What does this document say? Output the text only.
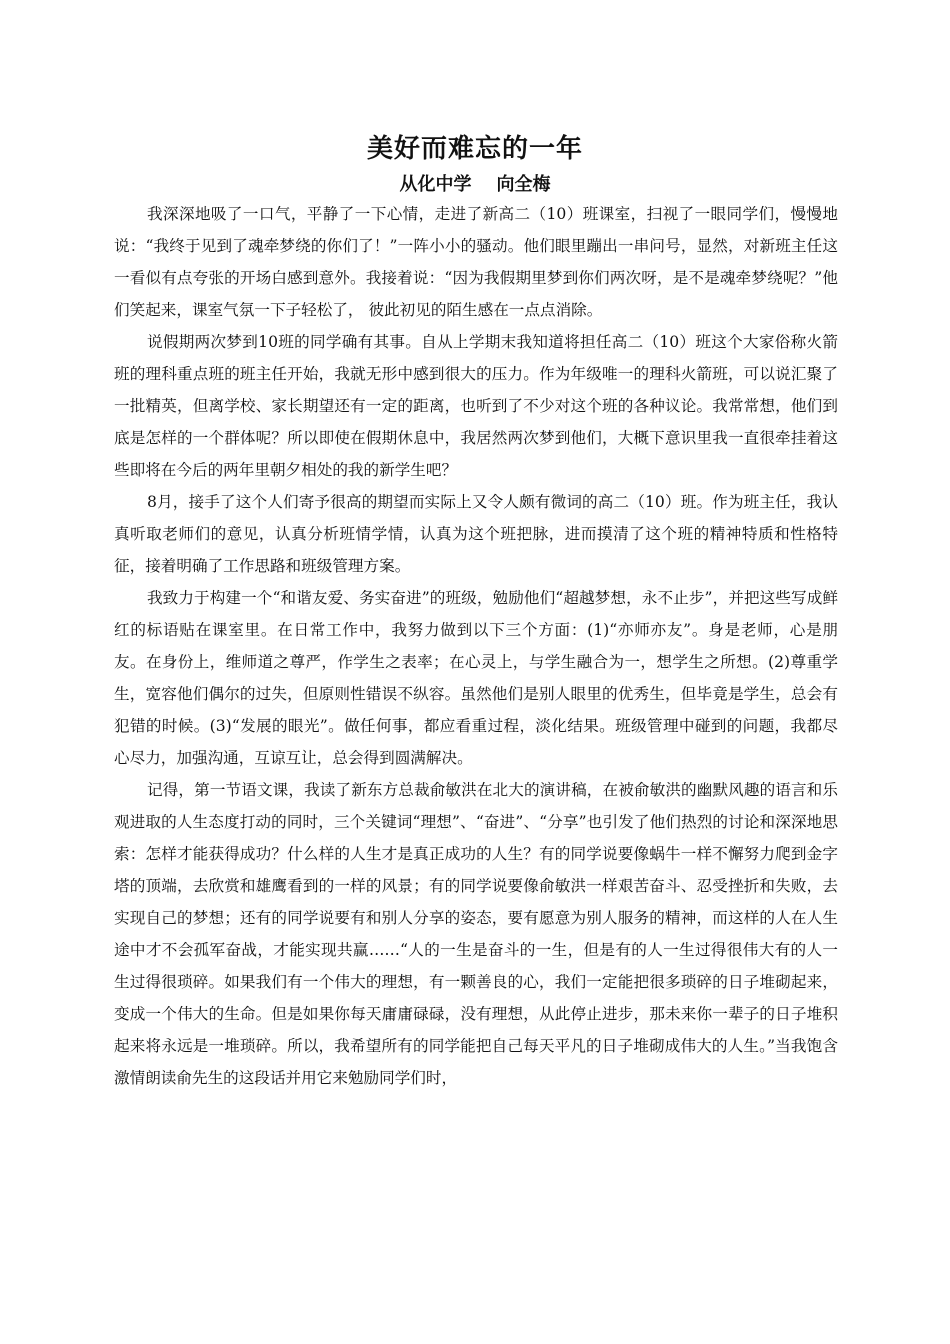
美好而难忘的一年
从化中学    向全梅

我深深地吸了一口气，平静了一下心情，走进了新高二（10）班课室，扫视了一眼同学们，慢慢地说：“我终于见到了魂牵梦绕的你们了！”一阵小小的骚动。他们眼里蹦出一串问号，显然，对新班主任这一看似有点夸张的开场白感到意外。我接着说：“因为我假期里梦到你们两次呀，是不是魂牵梦绕呢？”他们笑起来，课室气氛一下子轻松了， 彼此初见的陌生感在一点点消除。

说假期两次梦到10班的同学确有其事。自从上学期末我知道将担任高二（10）班这个大家俗称火箭班的理科重点班的班主任开始，我就无形中感到很大的压力。作为年级唯一的理科火箭班，可以说汇聚了一批精英，但离学校、家长期望还有一定的距离，也听到了不少对这个班的各种议论。我常常想，他们到底是怎样的一个群体呢？所以即使在假期休息中，我居然两次梦到他们，大概下意识里我一直很牵挂着这些即将在今后的两年里朝夕相处的我的新学生吧？

8月，接手了这个人们寄予很高的期望而实际上又令人颇有微词的高二（10）班。作为班主任，我认真听取老师们的意见，认真分析班情学情，认真为这个班把脉，进而摸清了这个班的精神特质和性格特征，接着明确了工作思路和班级管理方案。

我致力于构建一个“和谐友爱、务实奋进”的班级，勉励他们“超越梦想，永不止步”，并把这些写成鲜红的标语贴在课室里。在日常工作中，我努力做到以下三个方面：(1)“亦师亦友”。身是老师，心是朋友。在身份上，维师道之尊严，作学生之表率；在心灵上，与学生融合为一，想学生之所想。(2)尊重学生，宽容他们偶尔的过失，但原则性错误不纵容。虽然他们是别人眼里的优秀生，但毕竟是学生，总会有犯错的时候。(3)“发展的眼光”。做任何事，都应看重过程，淡化结果。班级管理中碰到的问题，我都尽心尽力，加强沟通，互谅互让，总会得到圆满解决。

记得，第一节语文课，我读了新东方总裁俞敏洪在北大的演讲稿，在被俞敏洪的幽默风趣的语言和乐观进取的人生态度打动的同时，三个关键词“理想”、“奋进”、“分享”也引发了他们热烈的讨论和深深地思索：怎样才能获得成功？什么样的人生才是真正成功的人生？有的同学说要像蜗牛一样不懈努力爬到金字塔的顶端，去欣赏和雄鹰看到的一样的风景；有的同学说要像俞敏洪一样艰苦奋斗、忍受挫折和失败，去实现自己的梦想；还有的同学说要有和别人分享的姿态，要有愿意为别人服务的精神，而这样的人在人生途中才不会孤军奋战，才能实现共赢……“人的一生是奋斗的一生，但是有的人一生过得很伟大有的人一生过得很琐碎。如果我们有一个伟大的理想，有一颗善良的心，我们一定能把很多琐碎的日子堆砌起来，变成一个伟大的生命。但是如果你每天庸庸碌碌，没有理想，从此停止进步，那未来你一辈子的日子堆积起来将永远是一堆琐碎。所以，我希望所有的同学能把自己每天平凡的日子堆砌成伟大的人生。”当我饱含激情朗读俞先生的这段话并用它来勉励同学们时，
